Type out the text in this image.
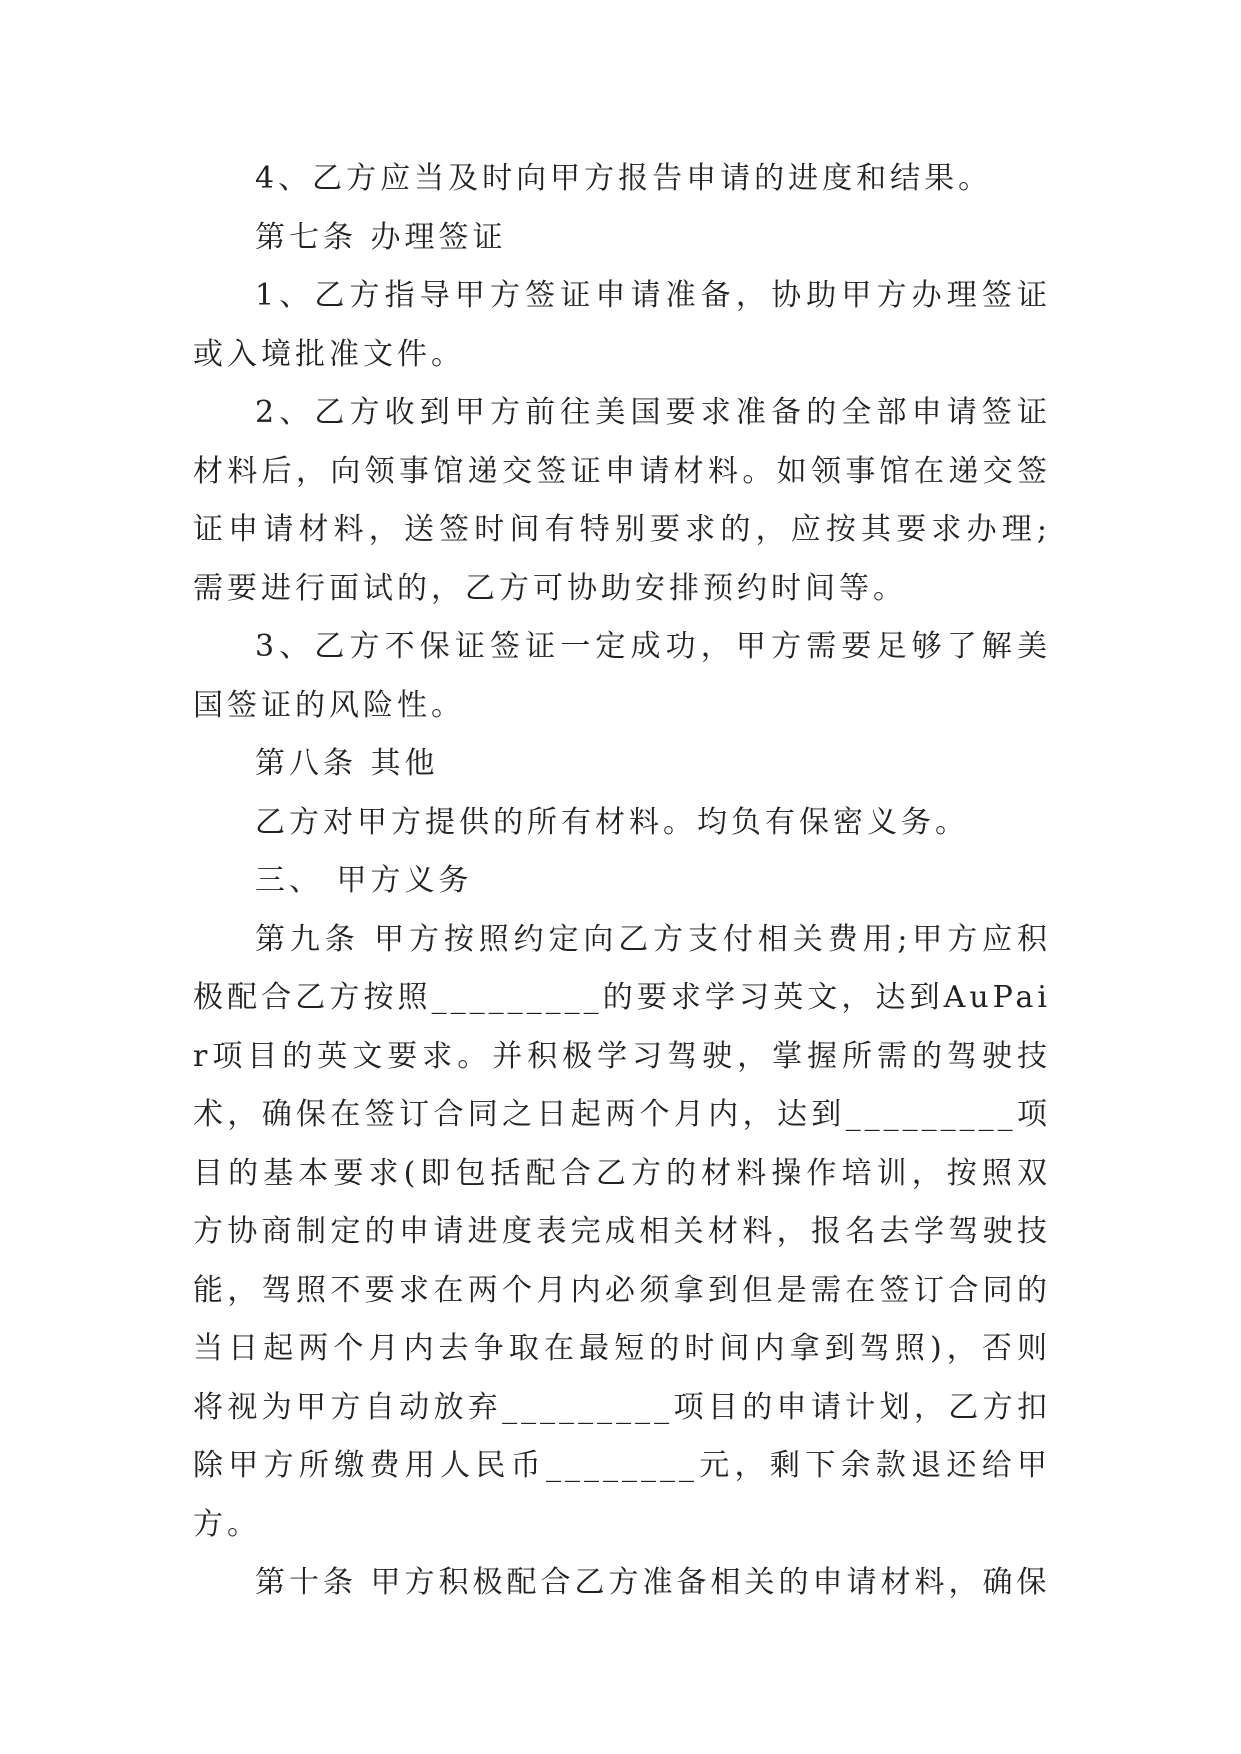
4、乙方应当及时向甲方报告申请的进度和结果。

第七条 办理签证

1、乙方指导甲方签证申请准备，协助甲方办理签证或入境批准文件。

2、乙方收到甲方前往美国要求准备的全部申请签证材料后，向领事馆递交签证申请材料。如领事馆在递交签证申请材料，送签时间有特别要求的，应按其要求办理;需要进行面试的，乙方可协助安排预约时间等。

3、乙方不保证签证一定成功，甲方需要足够了解美国签证的风险性。

第八条 其他

乙方对甲方提供的所有材料。均负有保密义务。

三、 甲方义务

第九条 甲方按照约定向乙方支付相关费用;甲方应积极配合乙方按照_________的要求学习英文，达到AuPair项目的英文要求。并积极学习驾驶，掌握所需的驾驶技术，确保在签订合同之日起两个月内，达到_________项目的基本要求(即包括配合乙方的材料操作培训，按照双方协商制定的申请进度表完成相关材料，报名去学驾驶技能，驾照不要求在两个月内必须拿到但是需在签订合同的当日起两个月内去争取在最短的时间内拿到驾照)，否则将视为甲方自动放弃_________项目的申请计划，乙方扣除甲方所缴费用人民币________元，剩下余款退还给甲方。

第十条 甲方积极配合乙方准备相关的申请材料，确保
